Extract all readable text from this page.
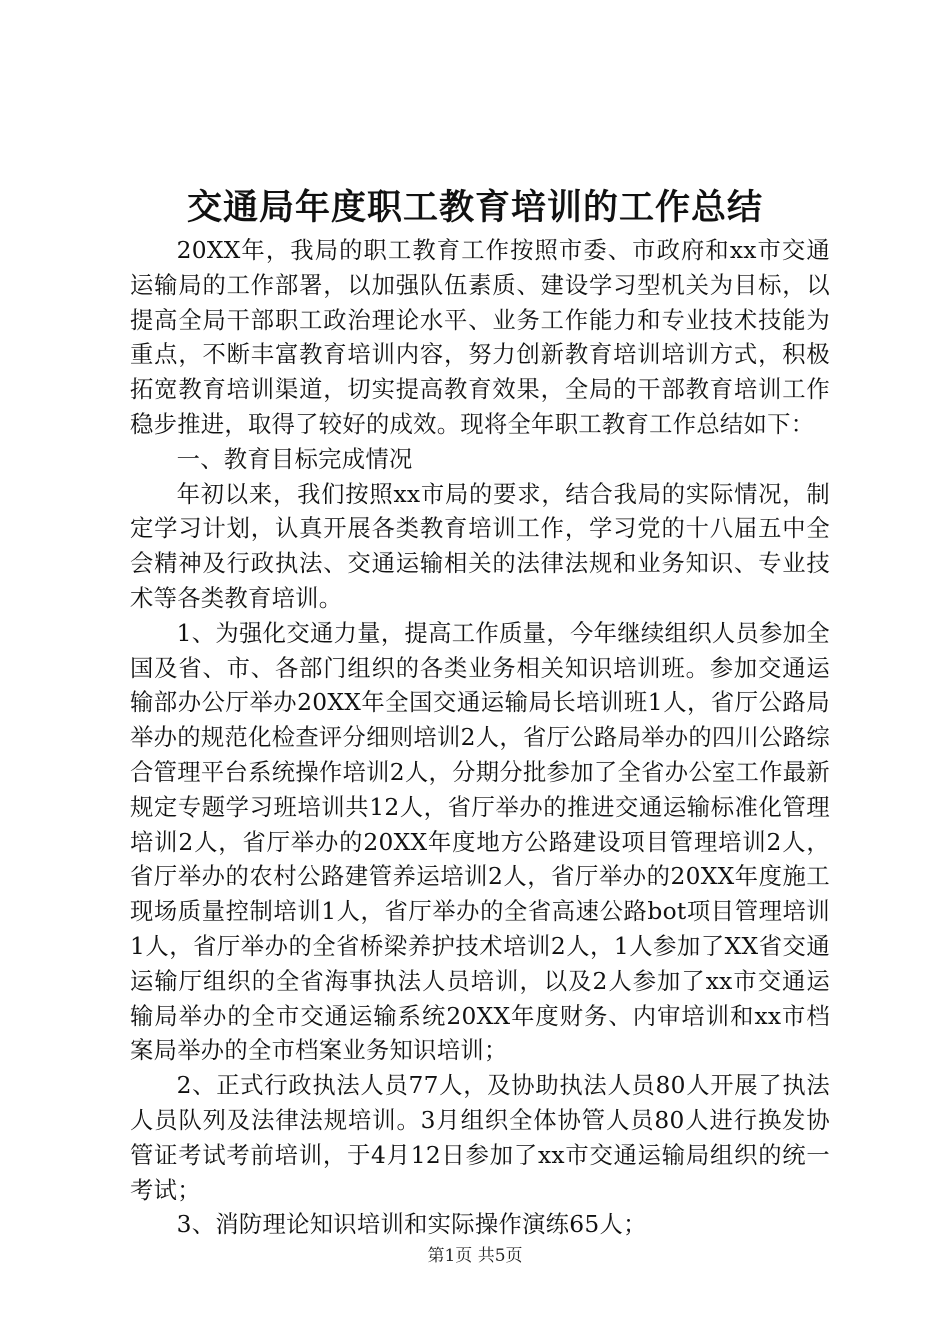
交通局年度职工教育培训的工作总结

20XX年，我局的职工教育工作按照市委、市政府和xx市交通运输局的工作部署，以加强队伍素质、建设学习型机关为目标，以提高全局干部职工政治理论水平、业务工作能力和专业技术技能为重点，不断丰富教育培训内容，努力创新教育培训培训方式，积极拓宽教育培训渠道，切实提高教育效果，全局的干部教育培训工作稳步推进，取得了较好的成效。现将全年职工教育工作总结如下：

一、教育目标完成情况

年初以来，我们按照xx市局的要求，结合我局的实际情况，制定学习计划，认真开展各类教育培训工作，学习党的十八届五中全会精神及行政执法、交通运输相关的法律法规和业务知识、专业技术等各类教育培训。

1、为强化交通力量，提高工作质量，今年继续组织人员参加全国及省、市、各部门组织的各类业务相关知识培训班。参加交通运输部办公厅举办20XX年全国交通运输局长培训班1人，省厅公路局举办的规范化检查评分细则培训2人，省厅公路局举办的四川公路综合管理平台系统操作培训2人，分期分批参加了全省办公室工作最新规定专题学习班培训共12人，省厅举办的推进交通运输标准化管理培训2人，省厅举办的20XX年度地方公路建设项目管理培训2人，省厅举办的农村公路建管养运培训2人，省厅举办的20XX年度施工现场质量控制培训1人，省厅举办的全省高速公路bot项目管理培训1人，省厅举办的全省桥梁养护技术培训2人，1人参加了XX省交通运输厅组织的全省海事执法人员培训，以及2人参加了xx市交通运输局举办的全市交通运输系统20XX年度财务、内审培训和xx市档案局举办的全市档案业务知识培训；

2、正式行政执法人员77人，及协助执法人员80人开展了执法人员队列及法律法规培训。3月组织全体协管人员80人进行换发协管证考试考前培训，于4月12日参加了xx市交通运输局组织的统一考试；

3、消防理论知识培训和实际操作演练65人；

第1页 共5页
